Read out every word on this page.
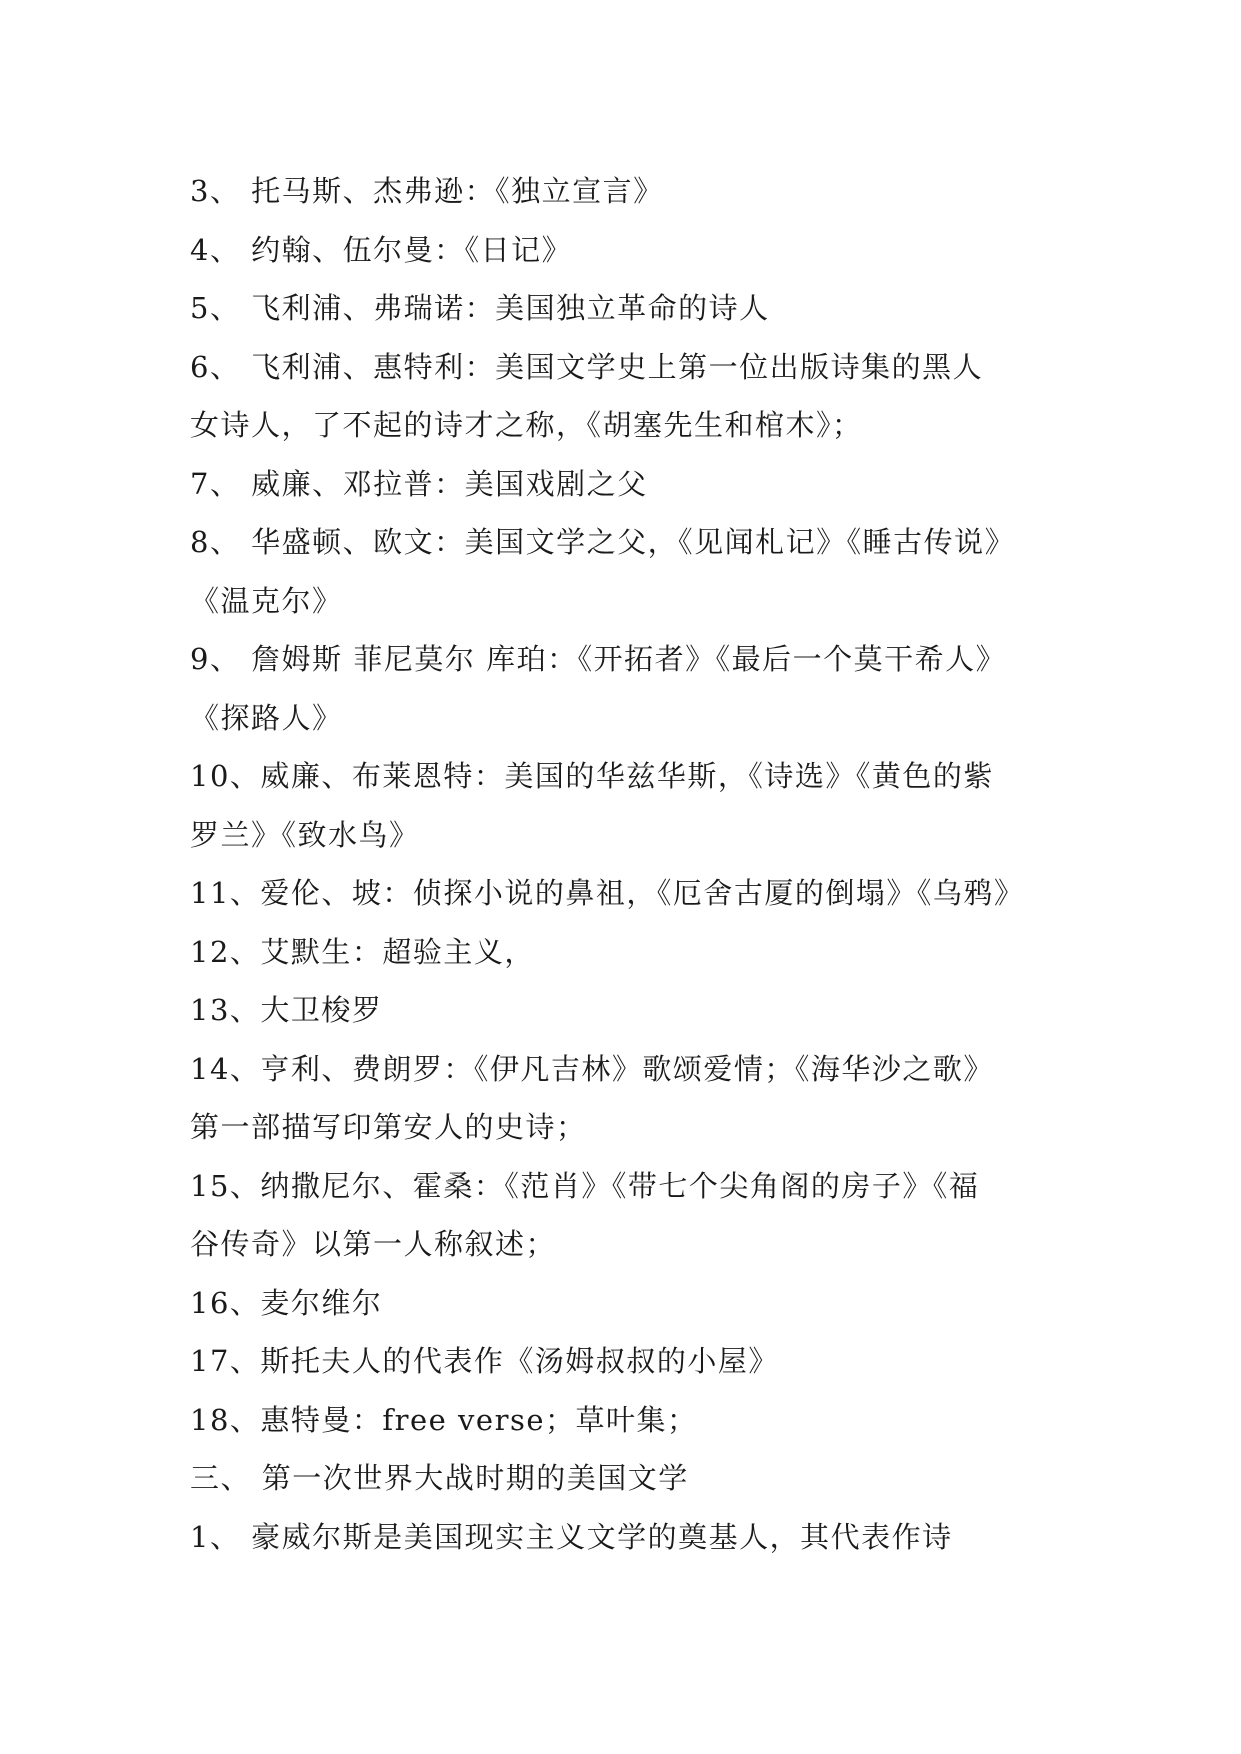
3、 托马斯、杰弗逊：《独立宣言》
4、 约翰、伍尔曼：《日记》
5、 飞利浦、弗瑞诺：美国独立革命的诗人
6、 飞利浦、惠特利：美国文学史上第一位出版诗集的黑人
女诗人，了不起的诗才之称，《胡塞先生和棺木》；
7、 威廉、邓拉普：美国戏剧之父
8、 华盛顿、欧文：美国文学之父，《见闻札记》《睡古传说》
《温克尔》
9、 詹姆斯 菲尼莫尔 库珀：《开拓者》《最后一个莫干希人》
《探路人》
10、威廉、布莱恩特：美国的华兹华斯，《诗选》《黄色的紫
罗兰》《致水鸟》
11、爱伦、坡：侦探小说的鼻祖，《厄舍古厦的倒塌》《乌鸦》
12、艾默生：超验主义，
13、大卫梭罗
14、亨利、费朗罗：《伊凡吉林》歌颂爱情；《海华沙之歌》
第一部描写印第安人的史诗；
15、纳撒尼尔、霍桑：《范肖》《带七个尖角阁的房子》《福
谷传奇》以第一人称叙述；
16、麦尔维尔
17、斯托夫人的代表作《汤姆叔叔的小屋》
18、惠特曼：free verse；草叶集；
三、 第一次世界大战时期的美国文学
1、 豪威尔斯是美国现实主义文学的奠基人，其代表作诗
